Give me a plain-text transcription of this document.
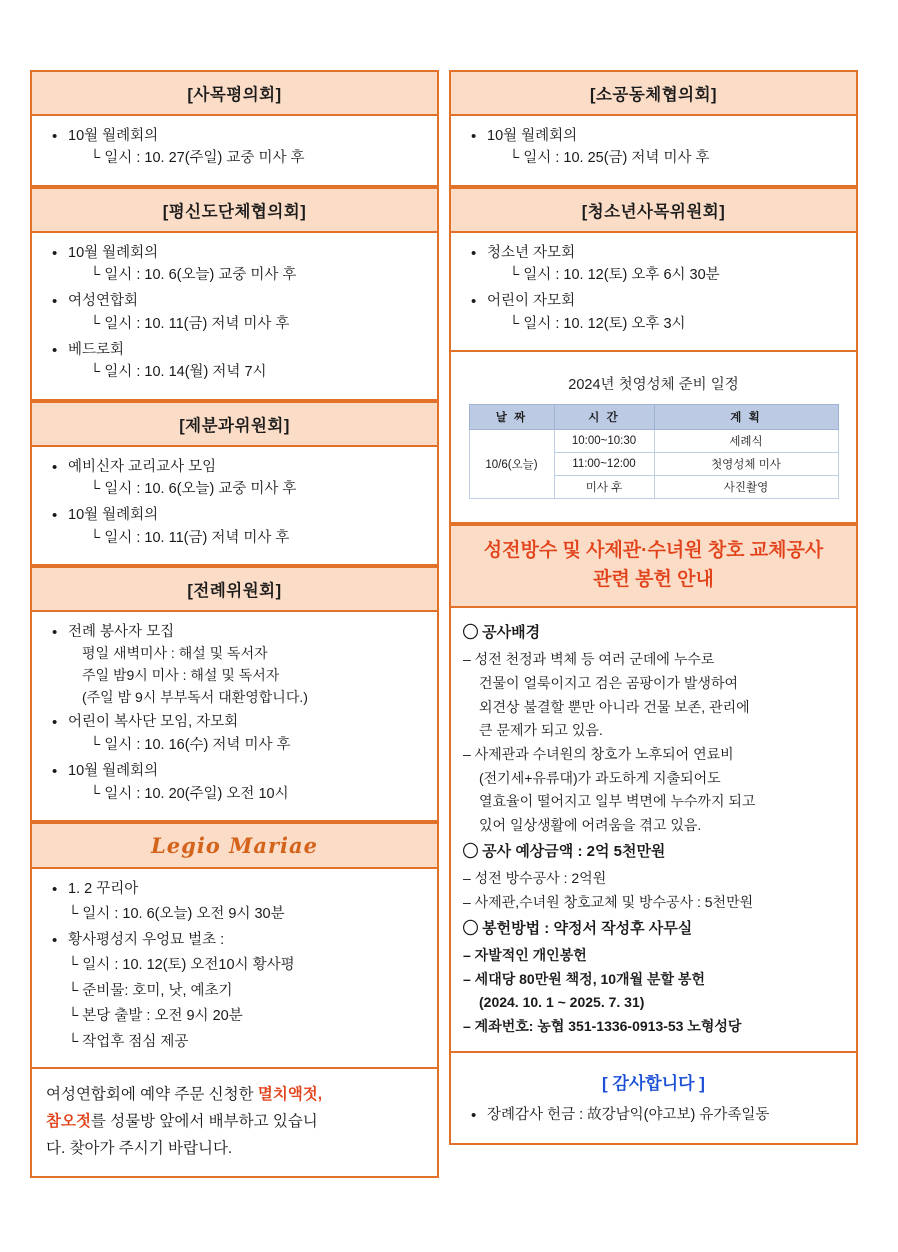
[사목평의회]
• 10월 월례회의
└ 일시 : 10. 27(주일) 교중 미사 후
[평신도단체협의회]
• 10월 월례회의
└ 일시 : 10. 6(오늘) 교중 미사 후
• 여성연합회
└ 일시 : 10. 11(금) 저녁 미사 후
• 베드로회
└ 일시 : 10. 14(월) 저녁 7시
[제분과위원회]
• 예비신자 교리교사 모임
└ 일시 : 10. 6(오늘) 교중 미사 후
• 10월 월례회의
└ 일시 : 10. 11(금) 저녁 미사 후
[전례위원회]
• 전례 봉사자 모집
평일 새벽미사 : 해설 및 독서자
주일 밤9시 미사 : 해설 및 독서자
(주일 밤 9시 부부독서 대환영합니다.)
• 어린이 복사단 모임, 자모회
└ 일시 : 10. 16(수) 저녁 미사 후
• 10월 월례회의
└ 일시 : 10. 20(주일) 오전 10시
Legio Mariae
• 1. 2 꾸리아
└ 일시 : 10. 6(오늘) 오전 9시 30분
• 황사평성지 우엉묘 벌초 :
└ 일시 : 10. 12(토) 오전10시 황사평
└ 준비물: 호미, 낫, 예초기
└ 본당 출발 : 오전 9시 20분
└ 작업후 점심 제공
여성연합회에 예약 주문 신청한 멸치액젓,
참오젓를 성물방 앞에서 배부하고 있습니
다. 찾아가 주시기 바랍니다.
[소공동체협의회]
• 10월 월례회의
└ 일시 : 10. 25(금) 저녁 미사 후
[청소년사목위원회]
• 청소년 자모회
└ 일시 : 10. 12(토) 오후 6시 30분
• 어린이 자모회
└ 일시 : 10. 12(토) 오후 3시
2024년 첫영성체 준비 일정
날 짜	시 간	계 획
10/6(오늘)	10:00~10:30	세례식
	11:00~12:00	첫영성체 미사
	미사 후	사진촬영
성전방수 및 사제관·수녀원 창호 교체공사
관련 봉헌 안내
◯ 공사배경
– 성전 천정과 벽체 등 여러 군데에 누수로
건물이 얼룩이지고 검은 곰팡이가 발생하여
외견상 불결할 뿐만 아니라 건물 보존, 관리에
큰 문제가 되고 있음.
– 사제관과 수녀원의 창호가 노후되어 연료비
(전기세+유류대)가 과도하게 지출되어도
열효율이 떨어지고 일부 벽면에 누수까지 되고
있어 일상생활에 어려움을 겪고 있음.
◯ 공사 예상금액 : 2억 5천만원
– 성전 방수공사 : 2억원
– 사제관,수녀원 창호교체 및 방수공사 : 5천만원
◯ 봉헌방법 : 약정서 작성후 사무실
– 자발적인 개인봉헌
– 세대당 80만원 책정, 10개월 분할 봉헌
(2024. 10. 1 ~ 2025. 7. 31)
– 계좌번호: 농협 351-1336-0913-53 노형성당
[ 감사합니다 ]
• 장례감사 헌금 : 故강남익(야고보) 유가족일동
